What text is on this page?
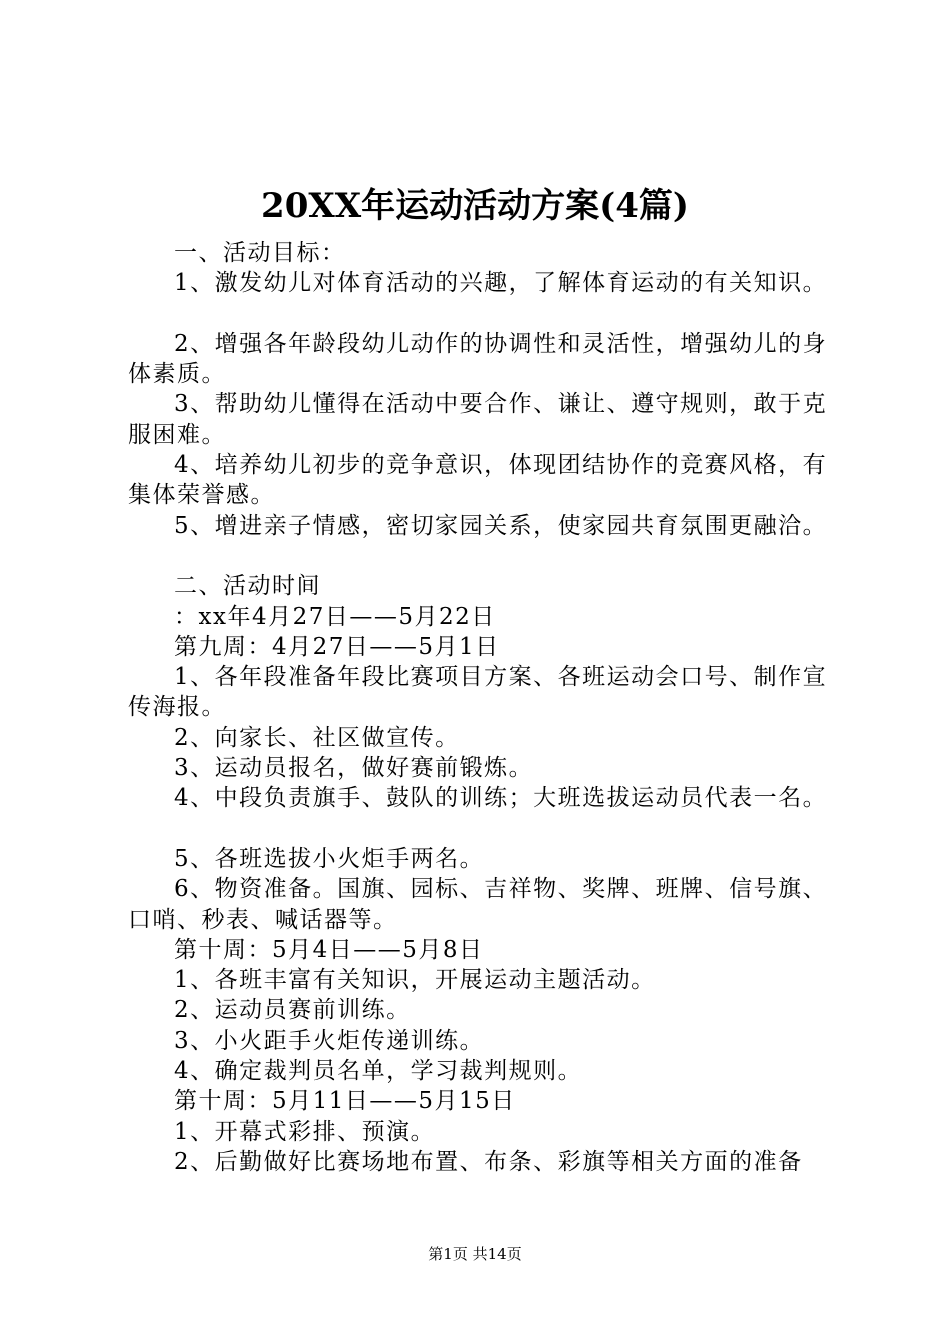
20XX年运动活动方案(4篇)

一、活动目标：

1、激发幼儿对体育活动的兴趣，了解体育运动的有关知识。

2、增强各年龄段幼儿动作的协调性和灵活性，增强幼儿的身体素质。

3、帮助幼儿懂得在活动中要合作、谦让、遵守规则，敢于克服困难。

4、培养幼儿初步的竞争意识，体现团结协作的竞赛风格，有集体荣誉感。

5、增进亲子情感，密切家园关系，使家园共育氛围更融洽。

二、活动时间

：xx年4月27日——5月22日

第九周：4月27日——5月1日

1、各年段准备年段比赛项目方案、各班运动会口号、制作宣传海报。

2、向家长、社区做宣传。

3、运动员报名，做好赛前锻炼。

4、中段负责旗手、鼓队的训练；大班选拔运动员代表一名。

5、各班选拔小火炬手两名。

6、物资准备。国旗、园标、吉祥物、奖牌、班牌、信号旗、口哨、秒表、喊话器等。

第十周：5月4日——5月8日

1、各班丰富有关知识，开展运动主题活动。

2、运动员赛前训练。

3、小火距手火炬传递训练。

4、确定裁判员名单，学习裁判规则。

第十周：5月11日——5月15日

1、开幕式彩排、预演。

2、后勤做好比赛场地布置、布条、彩旗等相关方面的准备

第1页 共14页
